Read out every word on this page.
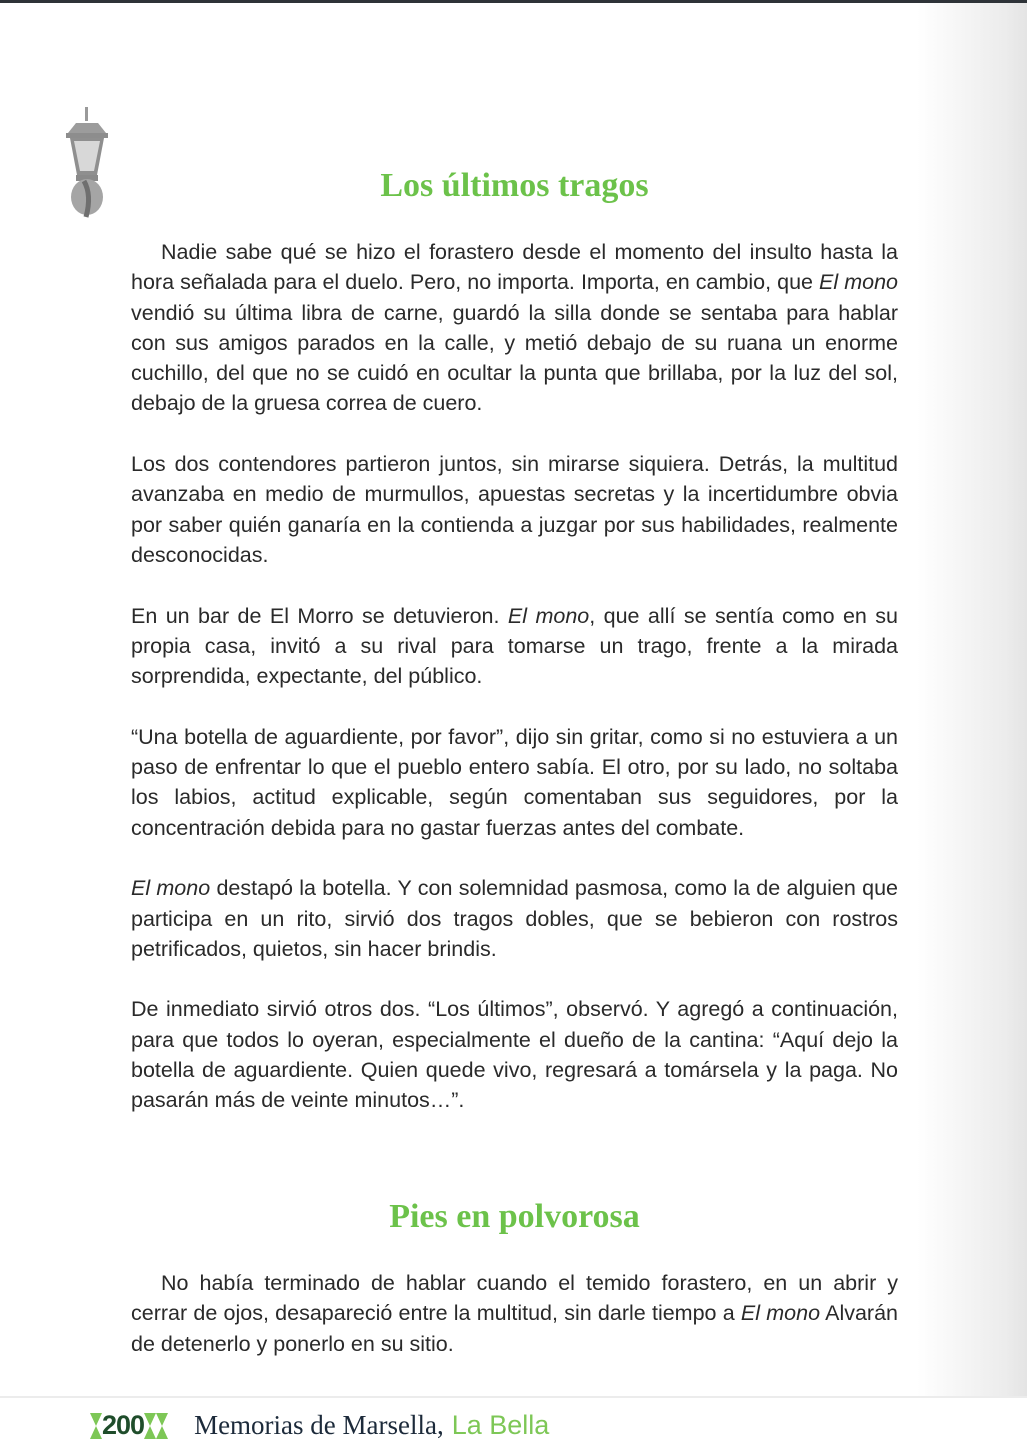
Los últimos tragos

Nadie sabe qué se hizo el forastero desde el momento del insulto hasta la hora señalada para el duelo. Pero, no importa. Importa, en cambio, que El mono vendió su última libra de carne, guardó la silla donde se sentaba para hablar con sus amigos parados en la calle, y metió debajo de su ruana un enorme cuchillo, del que no se cuidó en ocultar la punta que brillaba, por la luz del sol, debajo de la gruesa correa de cuero.

Los dos contendores partieron juntos, sin mirarse siquiera. Detrás, la multitud avanzaba en medio de murmullos, apuestas secretas y la incertidumbre obvia por saber quién ganaría en la contienda a juzgar por sus habilidades, realmente desconocidas.

En un bar de El Morro se detuvieron. El mono, que allí se sentía como en su propia casa, invitó a su rival para tomarse un trago, frente a la mirada sorprendida, expectante, del público.

“Una botella de aguardiente, por favor”, dijo sin gritar, como si no estuviera a un paso de enfrentar lo que el pueblo entero sabía. El otro, por su lado, no soltaba los labios, actitud explicable, según comentaban sus seguidores, por la concentración debida para no gastar fuerzas antes del combate.

El mono destapó la botella. Y con solemnidad pasmosa, como la de alguien que participa en un rito, sirvió dos tragos dobles, que se bebieron con rostros petrificados, quietos, sin hacer brindis.

De inmediato sirvió otros dos. “Los últimos”, observó. Y agregó a continuación, para que todos lo oyeran, especialmente el dueño de la cantina: “Aquí dejo la botella de aguardiente. Quien quede vivo, regresará a tomársela y la paga. No pasarán más de veinte minutos…”.

Pies en polvorosa

No había terminado de hablar cuando el temido forastero, en un abrir y cerrar de ojos, desapareció entre la multitud, sin darle tiempo a El mono Alvarán de detenerlo y ponerlo en su sitio.

200 Memorias de Marsella, La Bella
